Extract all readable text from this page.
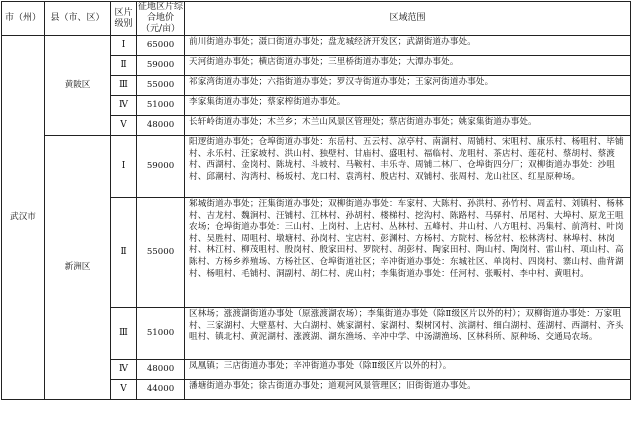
市（州）	县（市、区）	区片级别	征地区片综合地价（元/亩）	区域范围
武汉市	黄陂区	Ⅰ	65000	前川街道办事处；滠口街道办事处；盘龙城经济开发区；武湖街道办事处。
		Ⅱ	59000	天河街道办事处；横店街道办事处；三里桥街道办事处；大潭办事处。
		Ⅲ	55000	祁家湾街道办事处；六指街道办事处；罗汉寺街道办事处；王家河街道办事处。
		Ⅳ	51000	李家集街道办事处；蔡家榨街道办事处。
		Ⅴ	48000	长轩岭街道办事处；木兰乡；木兰山风景区管理处；蔡店街道办事处；姚家集街道办事处。
	新洲区	Ⅰ	59000	阳逻街道办事处；仓埠街道办事处：东岳村、五云村、凉亭村、南湖村、周铺村、宋咀村、康乐村、杨咀村、毕铺村、永乐村、汪家坡村、洪山村、独壁村、甘庙村、盛咀村、福临村、龙咀村、茶店村、莲花村、蔡胡村、蔡渡村、西湖村、金岗村、陈垅村、斗坡村、马鞍村、丰乐寺、周铺二林厂、仓埠街四分厂；双柳街道办事处：沙咀村、邱潮村、沟湾村、杨坂村、龙口村、袁湾村、殷店村、双铺村、张周村、龙山社区、红星原种场。
		Ⅱ	55000	邾城街道办事处；汪集街道办事处；双柳街道办事处：车家村、大陈村、孙洪村、孙竹村、周孟村、刘镇村、杨林村、吉龙村、魏涧村、汪铺村、江林村、孙胡村、楼梯村、挖沟村、陈路村、马驿村、吊尾村、大埠村、原龙王咀农场；仓埠街道办事处：三山村、上岗村、上店村、丛林村、五峰村、井山村、八方咀村、冯集村、前湾村、叶岗村、吴胜村、周咀村、墩塘村、孙岗村、宝店村、彭渊村、方杨村、方院村、杨岔村、松林湾村、林埠村、林岗村、林江村、柳茂咀村、殷岗村、殷家田村、罗院村、胡彭村、陶家田村、陶山村、陶岗村、雷山村、项山村、高陈村、方杨乡养殖场、方杨社区、仓埠街道社区；辛冲街道办事处：东城社区、单岗村、四岗村、寨山村、曲背湖村、杨咀村、毛铺村、洞副村、胡仁村、虎山村；李集街道办事处：任河村、张畈村、李中村、黄咀村。
		Ⅲ	51000	区林场；涨渡湖街道办事处（原涨渡湖农场）；李集街道办事处（除Ⅱ级区片以外的村）；双柳街道办事处：万家咀村、三家湖村、大壁墓村、大白湖村、姚家湖村、家湖村、梨树冈村、滨湖村、细白湖村、莲湖村、西湖村、齐头咀村、镇北村、黄泥湖村、涨渡湖、湖东渔场、辛冲中学、中汤湖渔场、区林科所、原种场、交通局农场。
		Ⅳ	48000	凤凰镇；三店街道办事处；辛冲街道办事处（除Ⅱ级区片以外的村）。
		Ⅴ	44000	潘塘街道办事处；徐古街道办事处；道观河风景管理区；旧街街道办事处。
